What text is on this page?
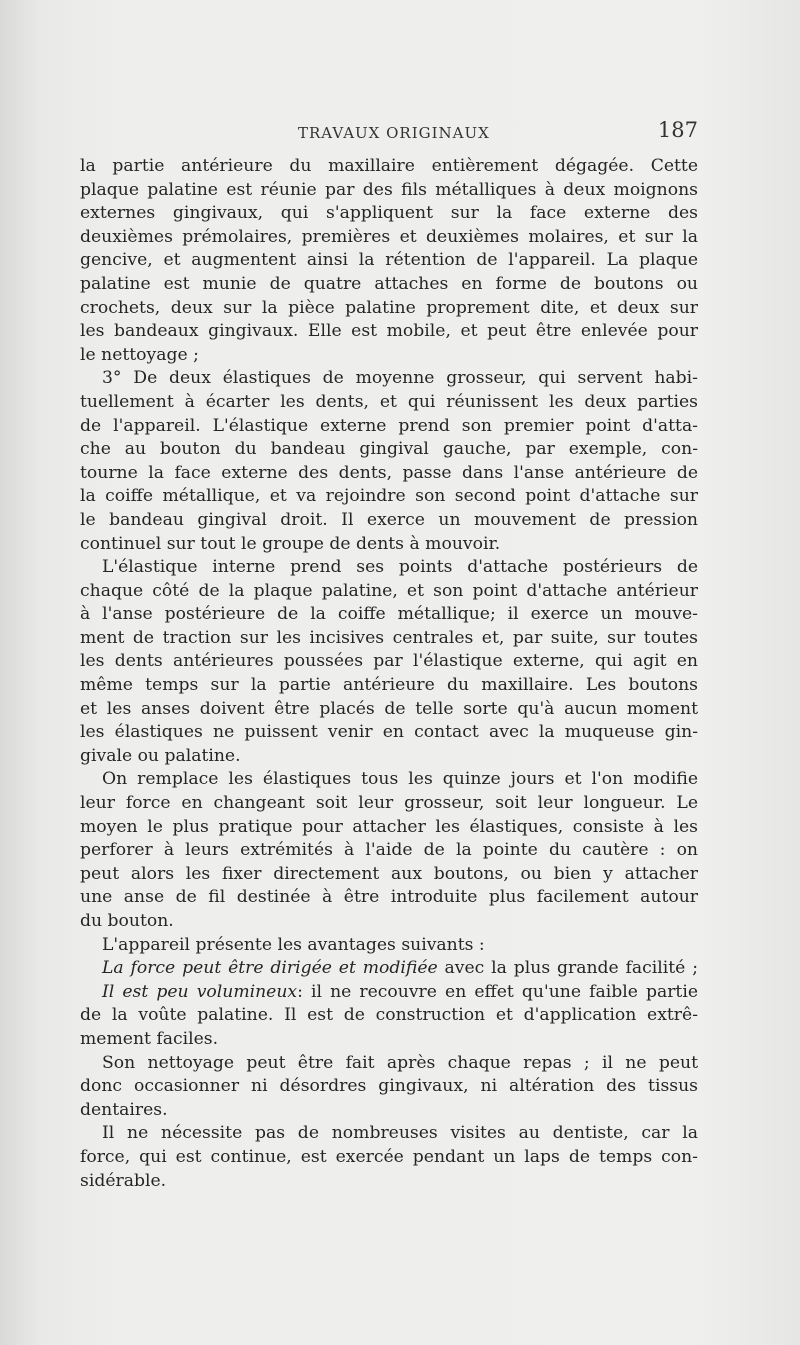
TRAVAUX ORIGINAUX	187
la partie antérieure du maxillaire entièrement dégagée. Cette
plaque palatine est réunie par des fils métalliques à deux moignons
externes gingivaux, qui s'appliquent sur la face externe des
deuxièmes prémolaires, premières et deuxièmes molaires, et sur la
gencive, et augmentent ainsi la rétention de l'appareil. La plaque
palatine est munie de quatre attaches en forme de boutons ou
crochets, deux sur la pièce palatine proprement dite, et deux sur
les bandeaux gingivaux. Elle est mobile, et peut être enlevée pour
le nettoyage ;
3° De deux élastiques de moyenne grosseur, qui servent habi-
tuellement à écarter les dents, et qui réunissent les deux parties
de l'appareil. L'élastique externe prend son premier point d'atta-
che au bouton du bandeau gingival gauche, par exemple, con-
tourne la face externe des dents, passe dans l'anse antérieure de
la coiffe métallique, et va rejoindre son second point d'attache sur
le bandeau gingival droit. Il exerce un mouvement de pression
continuel sur tout le groupe de dents à mouvoir.
L'élastique interne prend ses points d'attache postérieurs de
chaque côté de la plaque palatine, et son point d'attache antérieur
à l'anse postérieure de la coiffe métallique; il exerce un mouve-
ment de traction sur les incisives centrales et, par suite, sur toutes
les dents antérieures poussées par l'élastique externe, qui agit en
même temps sur la partie antérieure du maxillaire. Les boutons
et les anses doivent être placés de telle sorte qu'à aucun moment
les élastiques ne puissent venir en contact avec la muqueuse gin-
givale ou palatine.
On remplace les élastiques tous les quinze jours et l'on modifie
leur force en changeant soit leur grosseur, soit leur longueur. Le
moyen le plus pratique pour attacher les élastiques, consiste à les
perforer à leurs extrémités à l'aide de la pointe du cautère : on
peut alors les fixer directement aux boutons, ou bien y attacher
une anse de fil destinée à être introduite plus facilement autour
du bouton.
L'appareil présente les avantages suivants :
La force peut être dirigée et modifiée avec la plus grande facilité ;
Il est peu volumineux: il ne recouvre en effet qu'une faible partie
de la voûte palatine. Il est de construction et d'application extrê-
mement faciles.
Son nettoyage peut être fait après chaque repas ; il ne peut
donc occasionner ni désordres gingivaux, ni altération des tissus
dentaires.
Il ne nécessite pas de nombreuses visites au dentiste, car la
force, qui est continue, est exercée pendant un laps de temps con-
sidérable.
